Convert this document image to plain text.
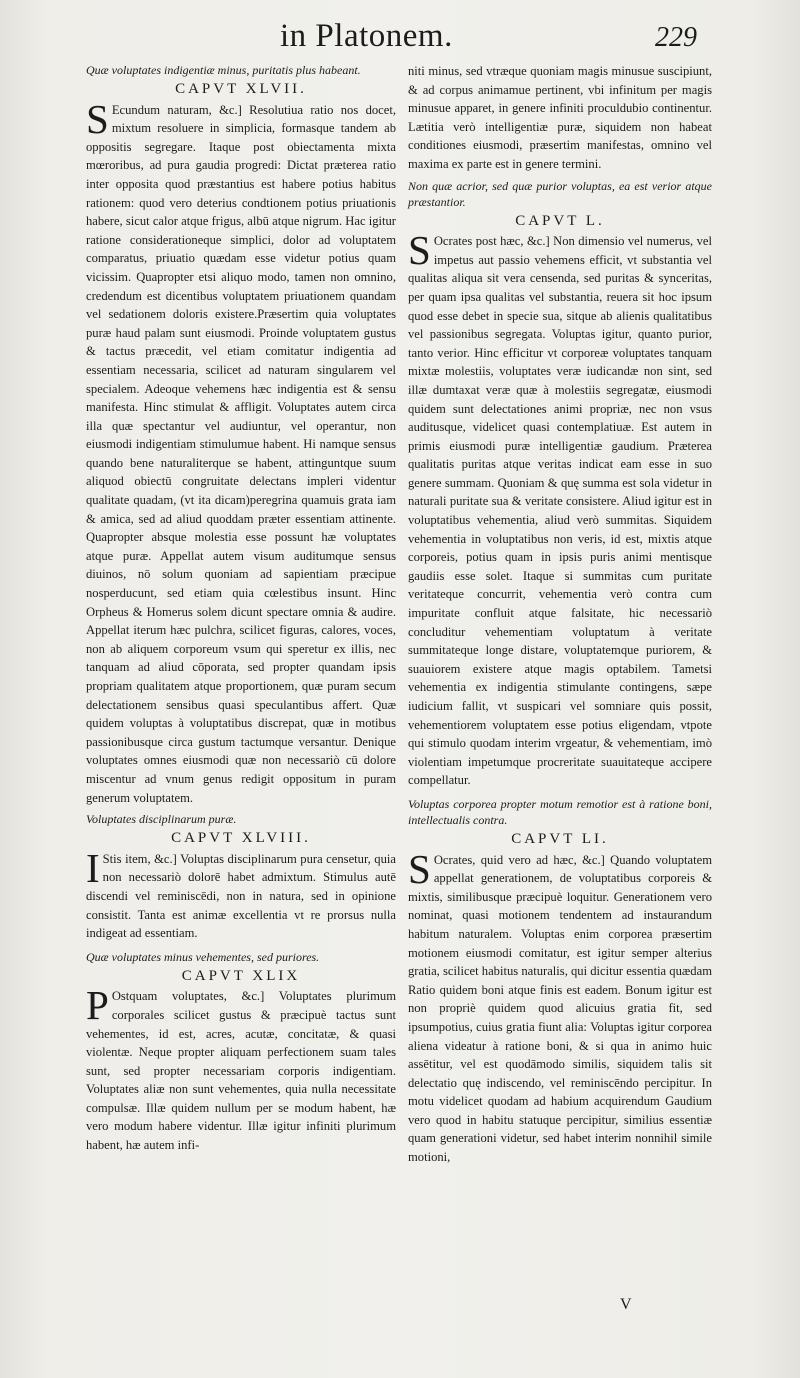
in Platonem.	229

Quæ voluptates indigentiæ minus, puritatis plus habeant.

CAPVT XLVII.

S Ecundum naturam, &c.] Resolutiua ratio nos docet, mixtum resoluere in simplicia, formasque tandem ab oppositis segregare. Itaque post obiectamenta mixta mœroribus, ad pura gaudia progredi: Dictat præterea ratio inter opposita quod præstantius est habere potius habitus rationem: quod vero deterius condtionem potius priuationis habere, sicut calor atque frigus, albū atque nigrum. Hac igitur ratione considerationeque simplici, dolor ad voluptatem comparatus, priuatio quædam esse videtur potius quam vicissim. Quapropter etsi aliquo modo, tamen non omnino, credendum est dicentibus voluptatem priuationem quandam vel sedationem doloris existere.Præsertim quia voluptates puræ haud palam sunt eiusmodi. Proinde voluptatem gustus & tactus præcedit, vel etiam comitatur indigentia ad essentiam necessaria, scilicet ad naturam singularem vel specialem. Adeoque vehemens hæc indigentia est & sensu manifesta. Hinc stimulat & affligit. Voluptates autem circa illa quæ spectantur vel audiuntur, vel operantur, non eiusmodi indigentiam stimulumue habent. Hi namque sensus quando bene naturaliterque se habent, attinguntque suum aliquod obiectū congruitate delectans impleri videntur qualitate quadam, (vt ita dicam)peregrina quamuis grata iam & amica, sed ad aliud quoddam præter essentiam attinente. Quapropter absque molestia esse possunt hæ voluptates atque puræ. Appellat autem visum auditumque sensus diuinos, nō solum quoniam ad sapientiam præcipue nosperducunt, sed etiam quia cœlestibus insunt. Hinc Orpheus & Homerus solem dicunt spectare omnia & audire. Appellat iterum hæc pulchra, scilicet figuras, calores, voces, non ab aliquem corporeum vsum qui speretur ex illis, nec tanquam ad aliud cōporata, sed propter quandam ipsis propriam qualitatem atque proportionem, quæ puram secum delectationem sensibus quasi speculantibus affert. Quæ quidem voluptas à voluptatibus discrepat, quæ in motibus passionibusque circa gustum tactumque versantur. Denique voluptates omnes eiusmodi quæ non necessariò cū dolore miscentur ad vnum genus redigit oppositum in puram generum voluptatem.

Voluptates disciplinarum puræ.

CAPVT XLVIII.

I Stis item, &c.] Voluptas disciplinarum pura censetur, quia non necessariò dolorē habet admixtum. Stimulus autē discendi vel reminiscēdi, non in natura, sed in opinione consistit. Tanta est animæ excellentia vt re prorsus nulla indigeat ad essentiam.

Quæ voluptates minus vehementes, sed puriores.

CAPVT XLIX

P Ostquam voluptates, &c.] Voluptates plurimum corporales scilicet gustus & præcipuè tactus sunt vehementes, id est, acres, acutæ, concitatæ, & quasi violentæ. Neque propter aliquam perfectionem suam tales sunt, sed propter necessariam corporis indigentiam. Voluptates aliæ non sunt vehementes, quia nulla necessitate compulsæ. Illæ quidem nullum per se modum habent, hæ vero modum habere videntur. Illæ igitur infiniti plurimum habent, hæ autem infi-

niti minus, sed vtræque quoniam magis minusue suscipiunt, & ad corpus animamue pertinent, vbi infinitum per magis minusue apparet, in genere infiniti proculdubio continentur. Lætitia verò intelligentiæ puræ, siquidem non habeat conditiones eiusmodi, præsertim manifestas, omnino vel maxima ex parte est in genere termini.

Non quæ acrior, sed quæ purior voluptas, ea est verior atque præstantior.

CAPVT L.

S Ocrates post hæc, &c.] Non dimensio vel numerus, vel impetus aut passio vehemens efficit, vt substantia vel qualitas aliqua sit vera censenda, sed puritas & synceritas, per quam ipsa qualitas vel substantia, reuera sit hoc ipsum quod esse debet in specie sua, sitque ab alienis qualitatibus vel passionibus segregata. Voluptas igitur, quanto purior, tanto verior. Hinc efficitur vt corporeæ voluptates tanquam mixtæ molestiis, voluptates veræ iudicandæ non sint, sed illæ dumtaxat veræ quæ à molestiis segregatæ, eiusmodi quidem sunt delectationes animi propriæ, nec non vsus auditusque, videlicet quasi contemplatiuæ. Est autem in primis eiusmodi puræ intelligentiæ gaudium. Præterea qualitatis puritas atque veritas indicat eam esse in suo genere summam. Quoniam & quę summa est sola videtur in naturali puritate sua & veritate consistere. Aliud igitur est in voluptatibus vehementia, aliud verò summitas. Siquidem vehementia in voluptatibus non veris, id est, mixtis atque corporeis, potius quam in ipsis puris animi mentisque gaudiis esse solet. Itaque si summitas cum puritate veritateque concurrit, vehementia verò contra cum impuritate confluit atque falsitate, hic necessariò concluditur vehementiam voluptatum à veritate summitateque longe distare, voluptatemque puriorem, & suauiorem existere atque magis optabilem. Tametsi vehementia ex indigentia stimulante contingens, sæpe iudicium fallit, vt suspicari vel somniare quis possit, vehementiorem voluptatem esse potius eligendam, vtpote qui stimulo quodam interim vrgeatur, & vehementiam, imò violentiam impetumque procreritate suauitateque accipere compellatur.

Voluptas corporea propter motum remotior est à ratione boni, intellectualis contra.

CAPVT LI.

S Ocrates, quid vero ad hæc, &c.] Quando voluptatem appellat generationem, de voluptatibus corporeis & mixtis, similibusque præcipuè loquitur. Generationem vero nominat, quasi motionem tendentem ad instaurandum habitum naturalem. Voluptas enim corporea præsertim motionem eiusmodi comitatur, est igitur semper alterius gratia, scilicet habitus naturalis, qui dicitur essentia quædam Ratio quidem boni atque finis est eadem. Bonum igitur est non propriè quidem quod alicuius gratia fit, sed ipsumpotius, cuius gratia fiunt alia: Voluptas igitur corporea aliena videatur à ratione boni, & si qua in animo huic assētitur, vel est quodāmodo similis, siquidem talis sit delectatio quę indiscendo, vel reminiscēndo percipitur. In motu videlicet quodam ad habium acquirendum Gaudium vero quod in habitu statuque percipitur, similius essentiæ quam generationi videtur, sed habet interim nonnihil simile motioni,

V
